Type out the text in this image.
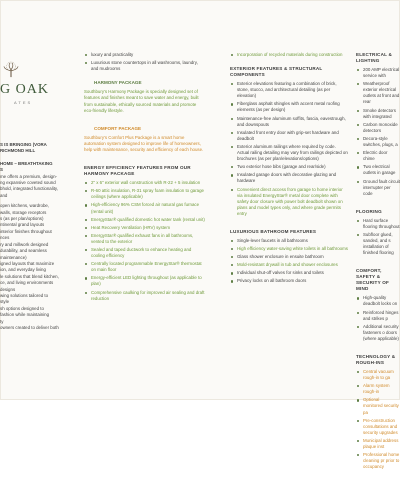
G OAK
ATES
S IS BRINGING (VORA
RICHMOND HILL
HOME – BREATHTAKING
S
me offers a premium, design-
ng expansive coveted sound
bhold, integrated functionality, and
open kitchens, wardrobe,
walls, storage receptors
s (as per plan/options)
ntinental grand layouts
interior finishes throughout
nces
ry and millwork designed
durability, and seamless
maintenance)
igned layouts that maximize
ion, and everyday living
le solutions that blend kitchen,
ce, and living environments
designs
wing solutions tailored to
style
sh options designed to
fashion while maintaining
ty
owners created to deliver both
luxury and practicality
Luxurious stone countertops in all washrooms, laundry, and mudrooms
HARMONY PACKAGE
Southbury's Harmony Package is specially designed set of features and finishes meant to save water and energy, built from sustainable, ethically sourced materials and promote eco-friendly lifestyle.
COMFORT PACKAGE
Southbury's Comfort Plus Package is a smart home automation system designed to improve life of homeowners, help with maintenance, security and efficiency of each house.
ENERGY EFFICIENCY FEATURES FROM OUR HARMONY PACKAGE
2" x 6" exterior wall construction with R-22 + 5 insulation
R-60 attic insulation, R-31 spray foam insulation to garage ceilings (where applicable)
High-efficiency 96% CSM forced air natural gas furnace (rental unit)
EnergyStar® qualified domestic hot water tank (rental unit)
Heat Recovery Ventilation (HRV) system
EnergyStar® qualified exhaust fans in all bathrooms, vented to the exterior
Sealed and taped ductwork to enhance heating and cooling efficiency
Centrally located programmable EnergyStar® thermostat on main floor
Energy-efficient LED lighting throughout (as applicable to plan)
Comprehensive caulking for improved air sealing and draft reduction
Incorporation of recycled materials during construction
EXTERIOR FEATURES & STRUCTURAL COMPONENTS
Exterior elevations featuring a combination of brick, stone, stucco, and architectural detailing (as per elevation)
Fiberglass asphalt shingles with accent metal roofing elements (as per design)
Maintenance-free aluminum soffits, fascia, eavestrough, and downspouts
Insulated front entry door with grip-set hardware and deadbolt
Exterior aluminum railings where required by code. Actual railing detailing may vary from railings depicted on brochures (as per plan/elevations/options)
Two exterior hose bibs (garage and rear/side)
Insulated garage doors with decorative glazing and hardware
Convenient direct access from garage to home interior via insulated EnergyStar® metal door complete with safety door closure with power bolt deadbolt shown on plans and model types only, and where grade permits entry
LUXURIOUS BATHROOM FEATURES
Single-lever faucets in all bathrooms
High efficiency water-saving white toilets in all bathrooms
Glass shower enclosure in ensuite bathroom
Mold-resistant drywall in tub and shower enclosures
Individual shut-off valves for sinks and toilets
Privacy locks on all bathroom doors
ELECTRICAL & LIGHTING
200 AMP electrical service with
Weatherproof exterior electrical outlets at front and rear
Smoke detectors with integrated
Carbon monoxide detectors
Decora-style switches, plugs, a
Electric door chime
Two electrical outlets in garage
Ground fault circuit interrupter per code
FLOORING
Hard surface flooring throughout
Subfloor glued, sanded, and s installation of finished flooring
COMFORT, SAFETY & SECURITY OF MIND
High-quality deadbolt locks on
Reinforced hinges and strikes p
Additional security fasteners o doors (where applicable)
TECHNOLOGY & ROUGH-INS
Central vacuum rough-in to ga
Alarm system rough-in
Optional monitored security pa
Pre-construction consultations and security upgrades
Municipal address plaque inst
Professional home cleaning pr prior to occupancy
